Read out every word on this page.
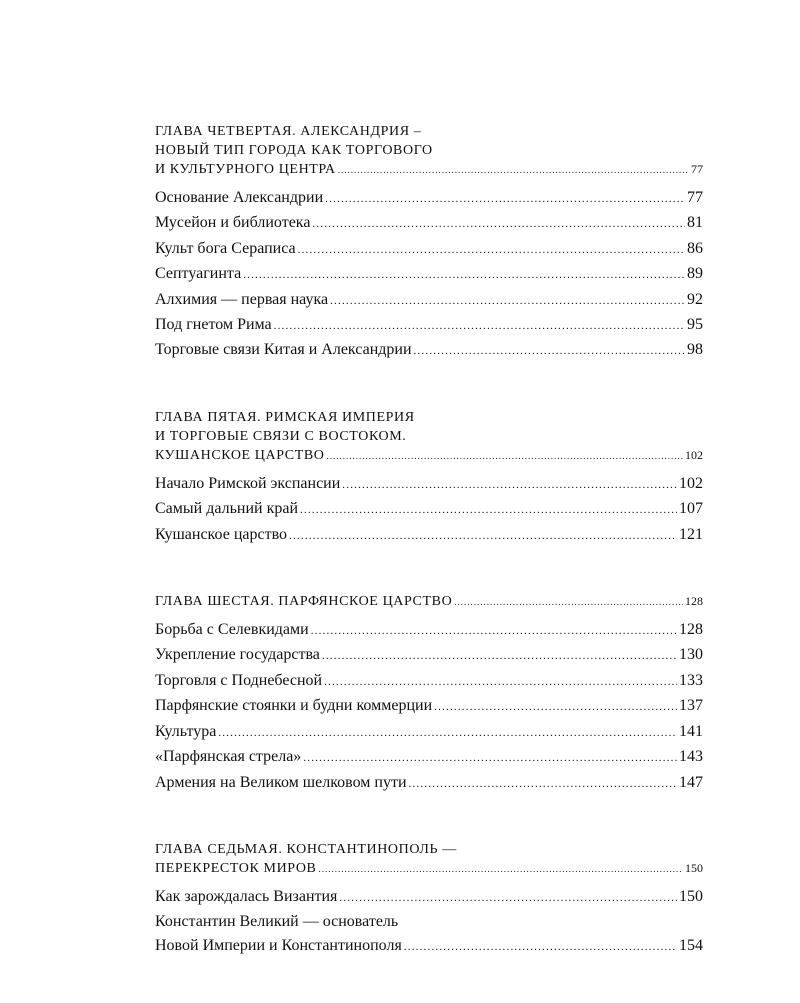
ГЛАВА ЧЕТВЕРТАЯ. АЛЕКСАНДРИЯ –
НОВЫЙ ТИП ГОРОДА КАК ТОРГОВОГО
И КУЛЬТУРНОГО ЦЕНТРА .....	77
Основание Александрии .....	77
Мусейон и библиотека .....	81
Культ бога Сераписа .....	86
Септуагинта .....	89
Алхимия — первая наука .....	92
Под гнетом Рима .....	95
Торговые связи Китая и Александрии .....	98
ГЛАВА ПЯТАЯ. РИМСКАЯ ИМПЕРИЯ
И ТОРГОВЫЕ СВЯЗИ С ВОСТОКОМ.
КУШАНСКОЕ ЦАРСТВО .....	102
Начало Римской экспансии .....	102
Самый дальний край .....	107
Кушанское царство .....	121
ГЛАВА ШЕСТАЯ. ПАРФЯНСКОЕ ЦАРСТВО .....	128
Борьба с Селевкидами .....	128
Укрепление государства .....	130
Торговля с Поднебесной .....	133
Парфянские стоянки и будни коммерции .....	137
Культура .....	141
«Парфянская стрела» .....	143
Армения на Великом шелковом пути .....	147
ГЛАВА СЕДЬМАЯ. КОНСТАНТИНОПОЛЬ —
ПЕРЕКРЕСТОК МИРОВ .....	150
Как зарождалась Византия .....	150
Константин Великий — основатель
Новой Империи и Константинополя .....	154
